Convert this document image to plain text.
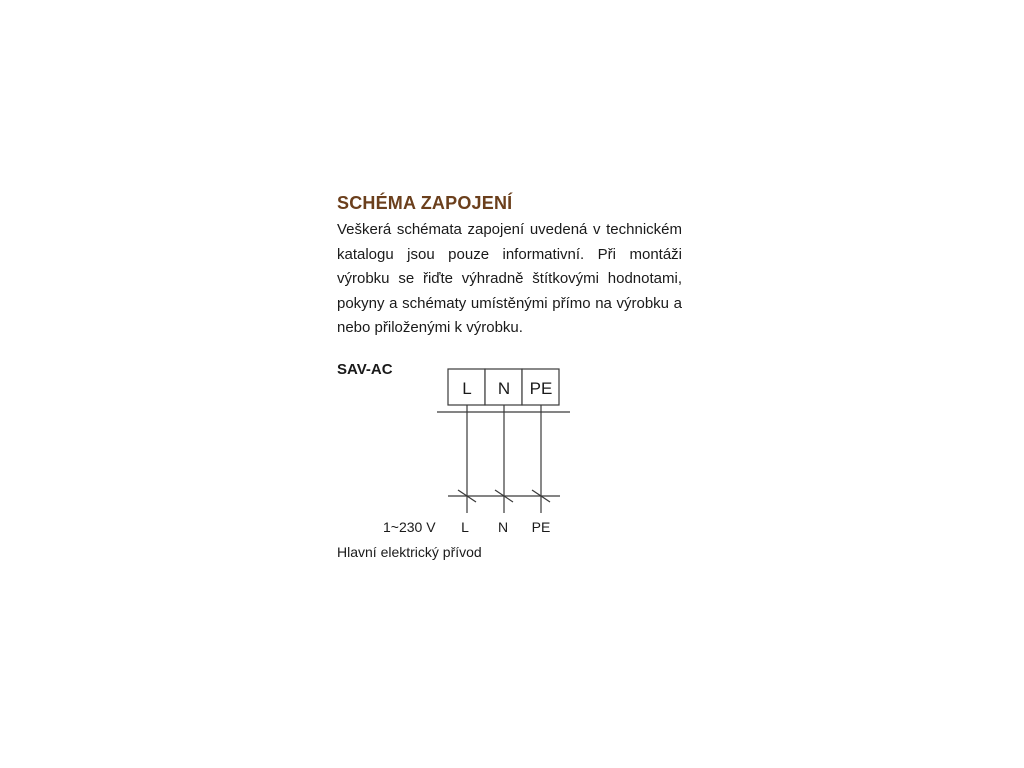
SCHÉMA ZAPOJENÍ

Veškerá schémata zapojení uvedená v technickém katalogu jsou pouze informativní. Při montáži výrobku se řiďte výhradně štítkovými hodnotami, pokyny a schématy umístěnými přímo na výrobku a nebo přiloženými k výrobku.

SAV-AC
L N PE
1~230 V L N PE
Hlavní elektrický přívod
